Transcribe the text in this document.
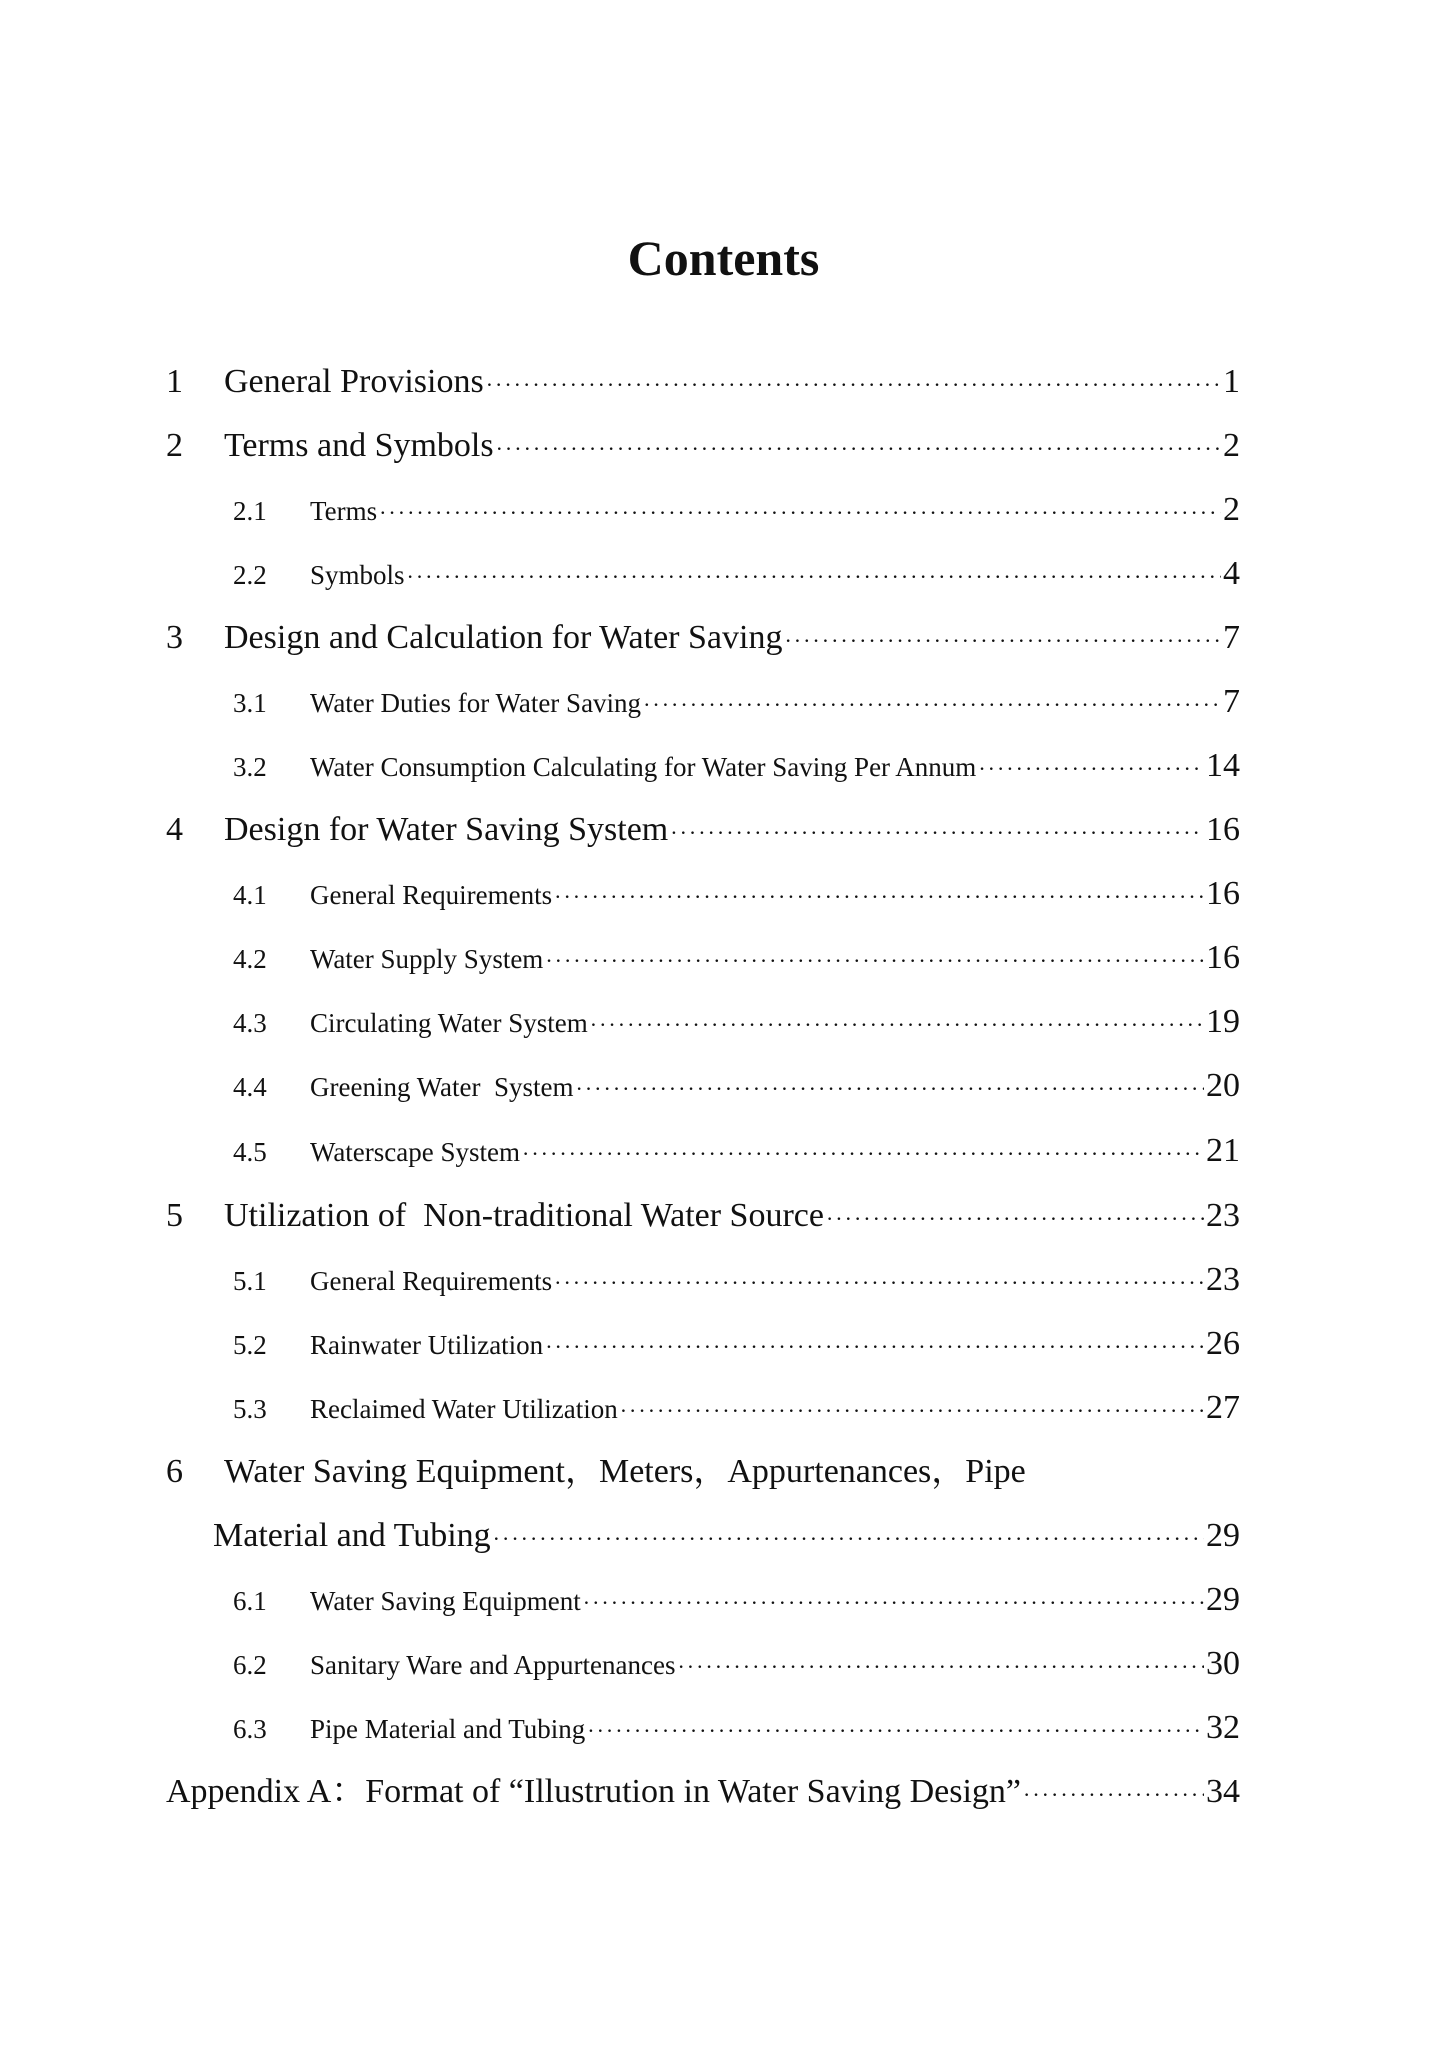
Contents
1	General Provisions ·····	1
2	Terms and Symbols ·····	2
2.1	Terms ·····	2
2.2	Symbols ·····	4
3	Design and Calculation for Water Saving ·····	7
3.1	Water Duties for Water Saving ·····	7
3.2	Water Consumption Calculating for Water Saving Per Annum ·····	14
4	Design for Water Saving System ·····	16
4.1	General Requirements ·····	16
4.2	Water Supply System ·····	16
4.3	Circulating Water System ·····	19
4.4	Greening Water  System ·····	20
4.5	Waterscape System ·····	21
5	Utilization of  Non-traditional Water Source ·····	23
5.1	General Requirements ·····	23
5.2	Rainwater Utilization ·····	26
5.3	Reclaimed Water Utilization ·····	27
6	Water Saving Equipment，Meters，Appurtenances，Pipe
Material and Tubing ·····	29
6.1	Water Saving Equipment ·····	29
6.2	Sanitary Ware and Appurtenances ·····	30
6.3	Pipe Material and Tubing ·····	32
Appendix A：Format of “Illustrution in Water Saving Design” ·····	34
